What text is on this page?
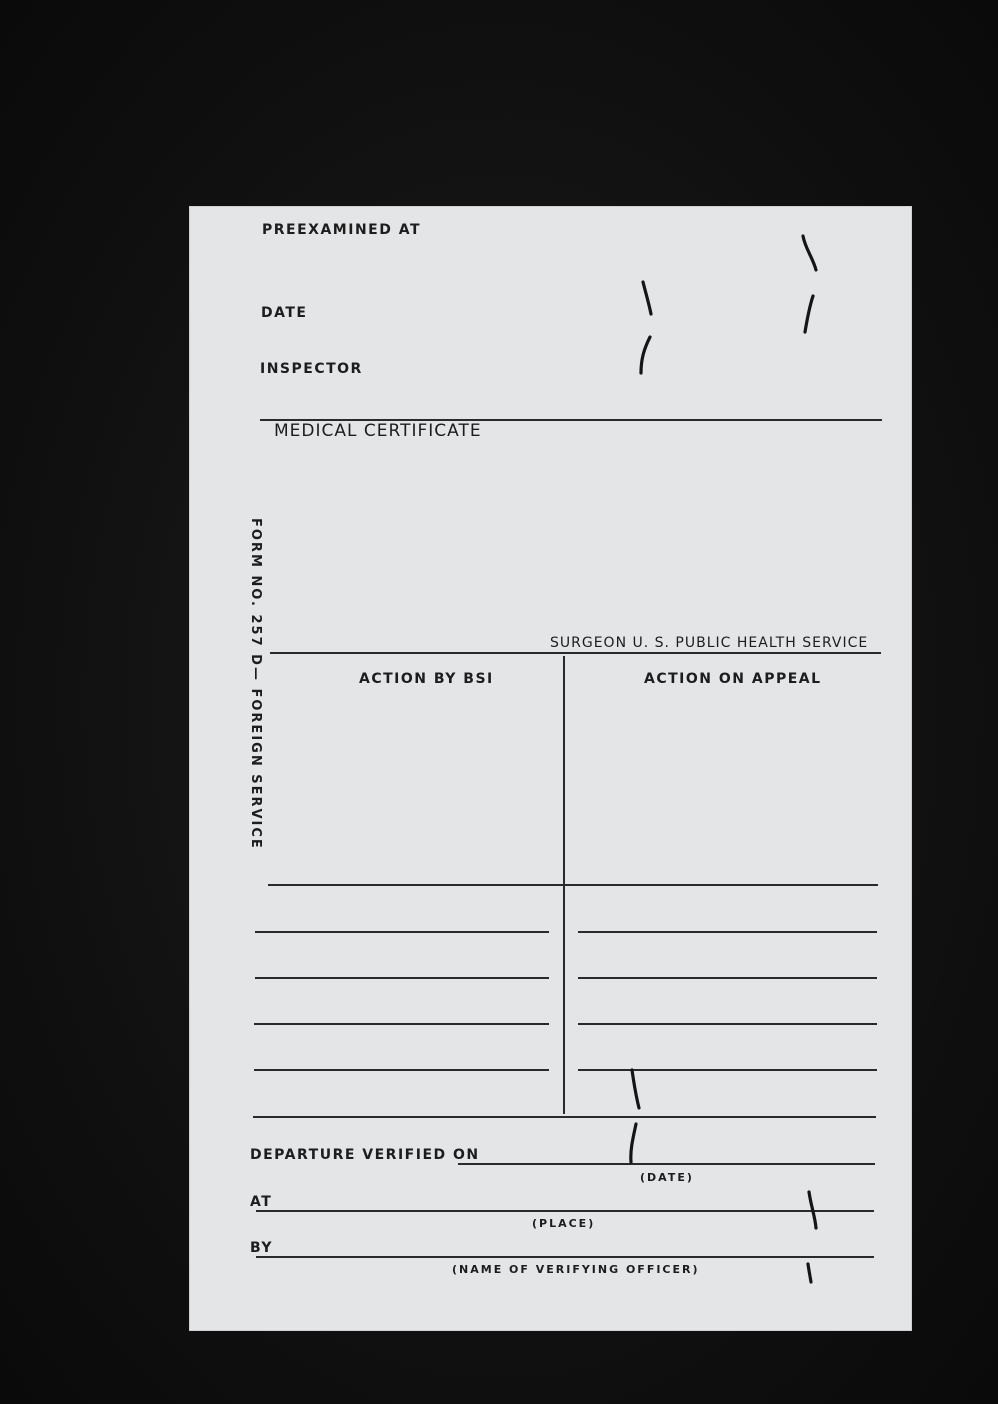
PREEXAMINED AT
DATE
INSPECTOR
MEDICAL CERTIFICATE
FORM NO. 257 D— FOREIGN SERVICE	SURGEON U. S. PUBLIC HEALTH SERVICE
ACTION BY BSI	ACTION ON APPEAL
DEPARTURE VERIFIED ON
(DATE)
AT
(PLACE)
BY
(NAME OF VERIFYING OFFICER)
